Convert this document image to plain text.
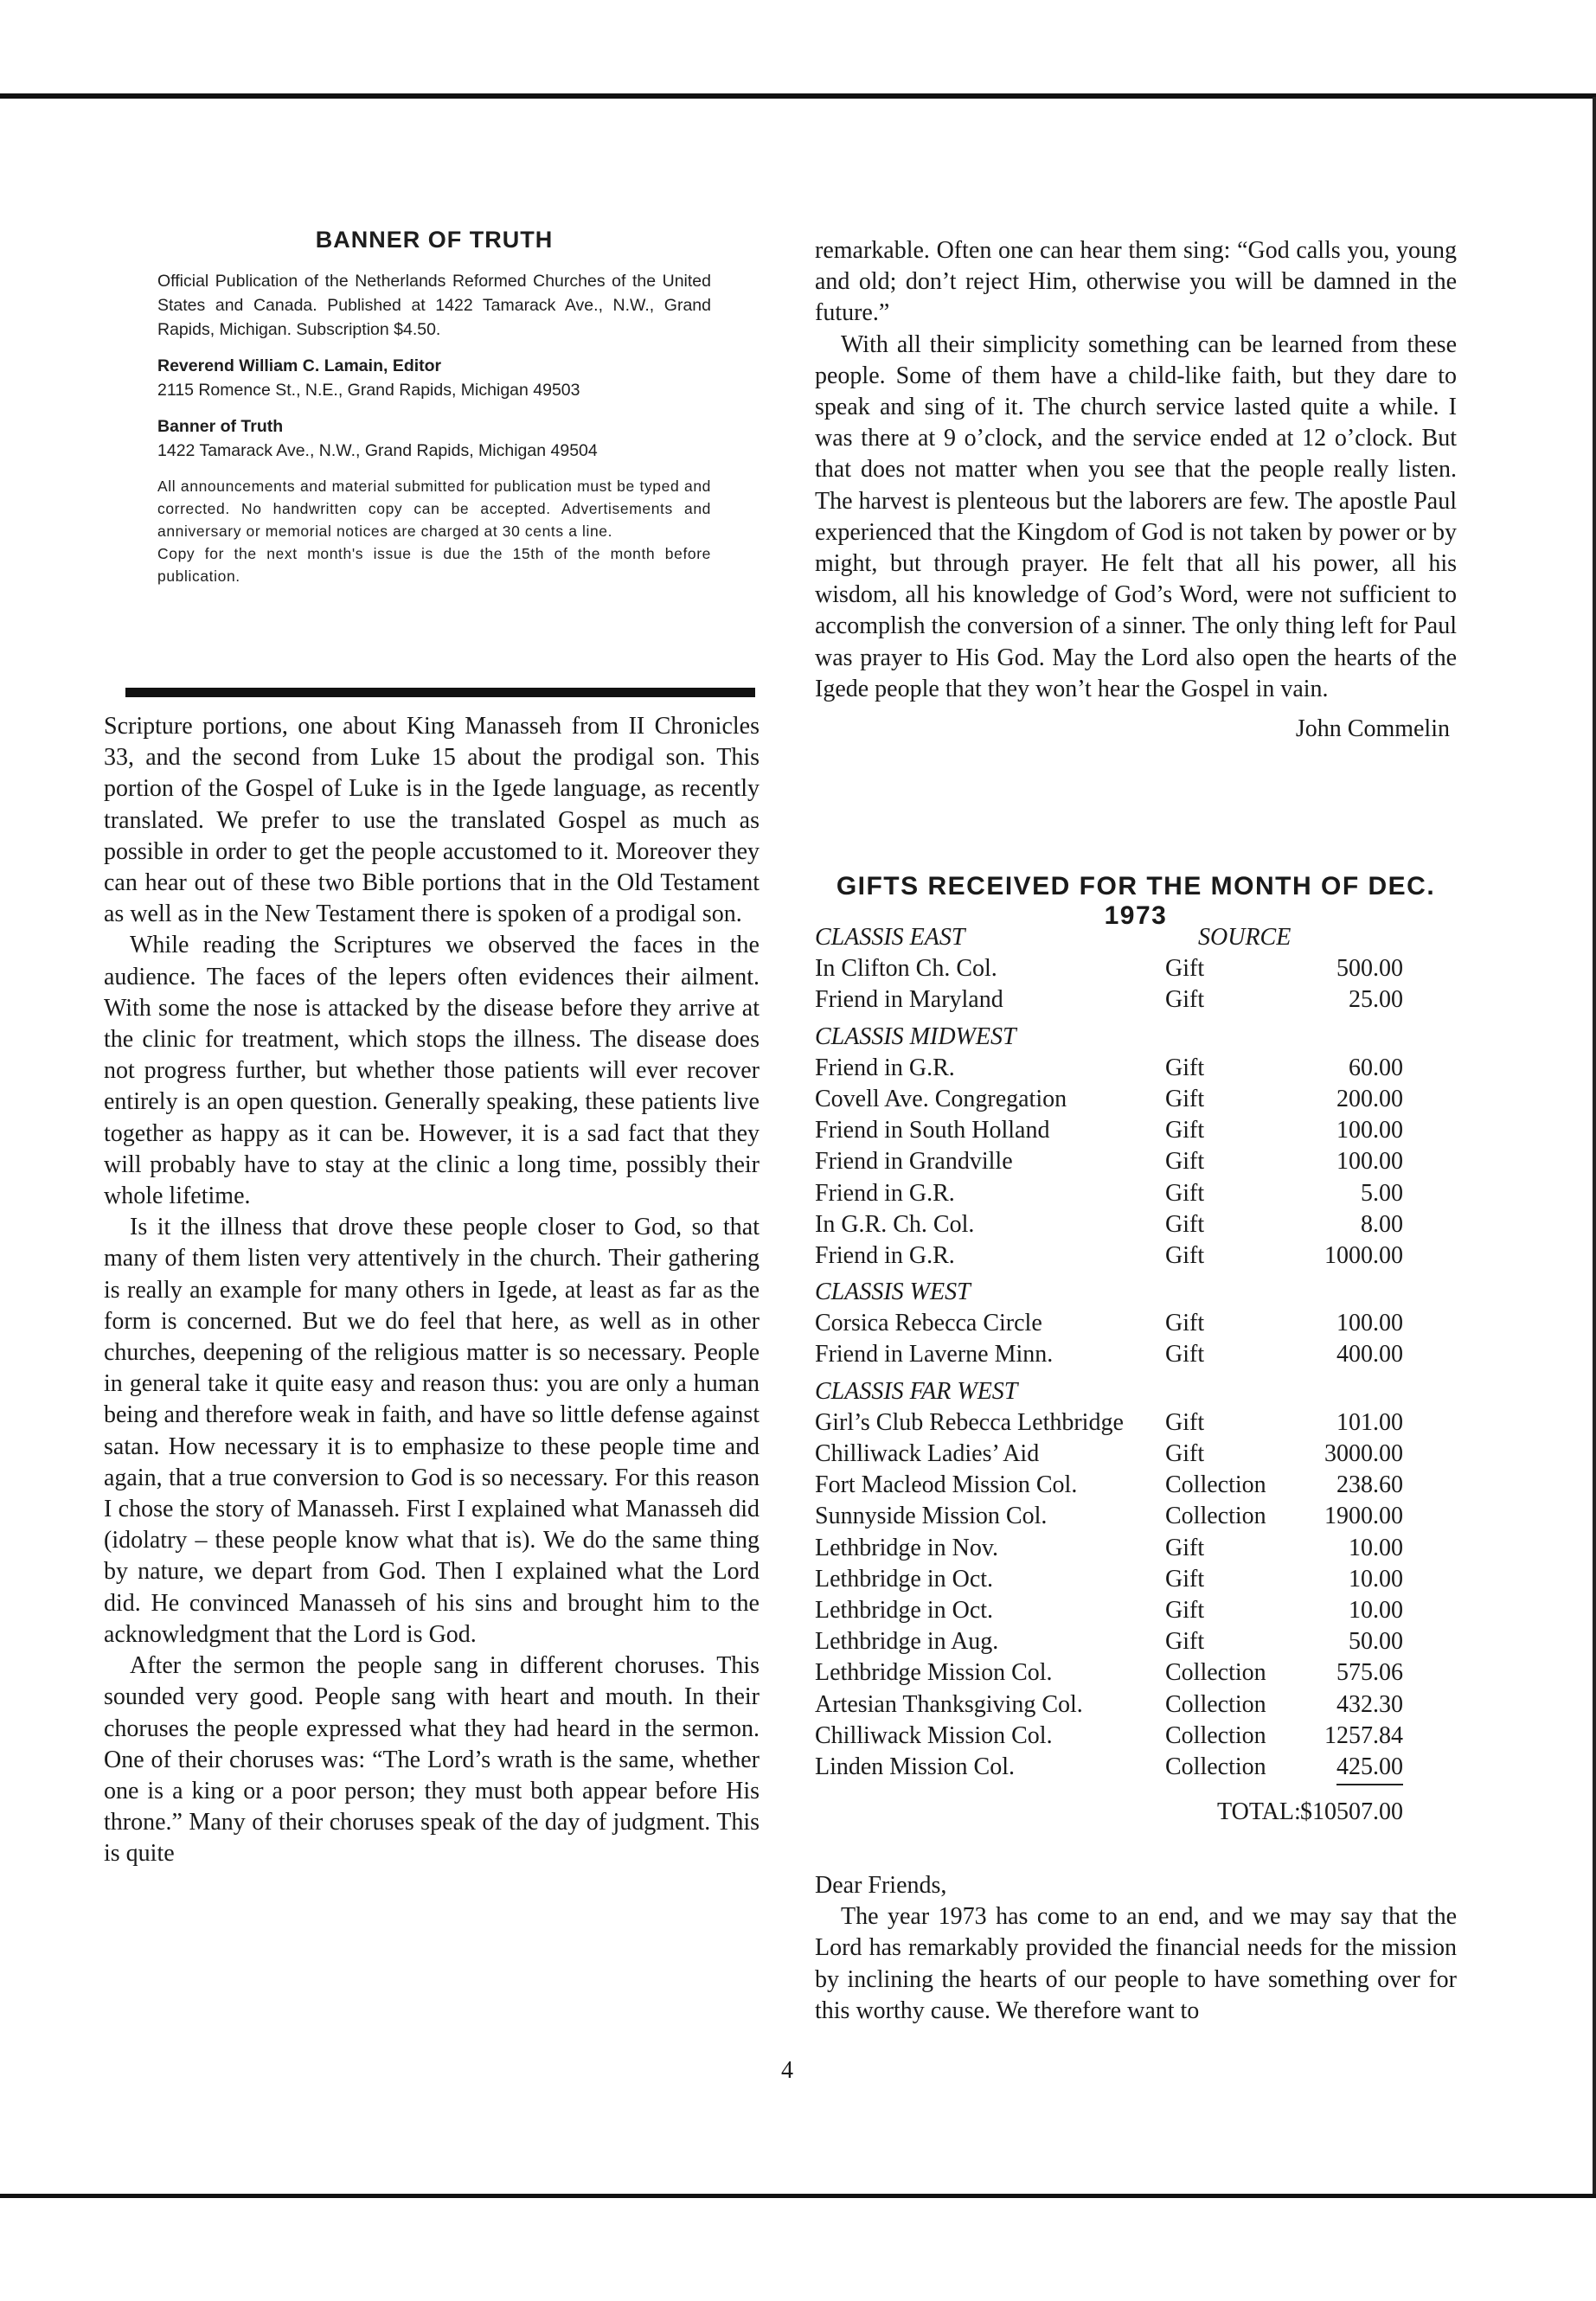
BANNER OF TRUTH

Official Publication of the Netherlands Reformed Churches of the United States and Canada. Published at 1422 Tamarack Ave., N.W., Grand Rapids, Michigan. Subscription $4.50.

Reverend William C. Lamain, Editor
2115 Romence St., N.E., Grand Rapids, Michigan 49503

Banner of Truth
1422 Tamarack Ave., N.W., Grand Rapids, Michigan 49504

All announcements and material submitted for publication must be typed and corrected. No handwritten copy can be accepted. Advertisements and anniversary or memorial notices are charged at 30 cents a line.

Copy for the next month's issue is due the 15th of the month before publication.

Scripture portions, one about King Manasseh from II Chronicles 33, and the second from Luke 15 about the prodigal son. This portion of the Gospel of Luke is in the Igede language, as recently translated. We prefer to use the translated Gospel as much as possible in order to get the people accustomed to it. Moreover they can hear out of these two Bible portions that in the Old Testament as well as in the New Testament there is spoken of a prodigal son.

While reading the Scriptures we observed the faces in the audience. The faces of the lepers often evidences their ailment. With some the nose is attacked by the disease before they arrive at the clinic for treatment, which stops the illness. The disease does not progress further, but whether those patients will ever recover entirely is an open question. Generally speaking, these patients live together as happy as it can be. However, it is a sad fact that they will probably have to stay at the clinic a long time, possibly their whole lifetime.

Is it the illness that drove these people closer to God, so that many of them listen very attentively in the church. Their gathering is really an example for many others in Igede, at least as far as the form is concerned. But we do feel that here, as well as in other churches, deepening of the religious matter is so necessary. People in general take it quite easy and reason thus: you are only a human being and therefore weak in faith, and have so little defense against satan. How necessary it is to emphasize to these people time and again, that a true conversion to God is so necessary. For this reason I chose the story of Manasseh. First I explained what Manasseh did (idolatry – these people know what that is). We do the same thing by nature, we depart from God. Then I explained what the Lord did. He convinced Manasseh of his sins and brought him to the acknowledgment that the Lord is God.

After the sermon the people sang in different choruses. This sounded very good. People sang with heart and mouth. In their choruses the people expressed what they had heard in the sermon. One of their choruses was: “The Lord’s wrath is the same, whether one is a king or a poor person; they must both appear before His throne.” Many of their choruses speak of the day of judgment. This is quite

remarkable. Often one can hear them sing: “God calls you, young and old; don’t reject Him, otherwise you will be damned in the future.”

With all their simplicity something can be learned from these people. Some of them have a child-like faith, but they dare to speak and sing of it. The church service lasted quite a while. I was there at 9 o’clock, and the service ended at 12 o’clock. But that does not matter when you see that the people really listen. The harvest is plenteous but the laborers are few. The apostle Paul experienced that the Kingdom of God is not taken by power or by might, but through prayer. He felt that all his power, all his wisdom, all his knowledge of God’s Word, were not sufficient to accomplish the conversion of a sinner. The only thing left for Paul was prayer to His God. May the Lord also open the hearts of the Igede people that they won’t hear the Gospel in vain.

John Commelin
GIFTS RECEIVED FOR THE MONTH OF DEC. 1973
CLASSIS EAST	SOURCE
In Clifton Ch. Col.	Gift	500.00
Friend in Maryland	Gift	25.00
CLASSIS MIDWEST
Friend in G.R.	Gift	60.00
Covell Ave. Congregation	Gift	200.00
Friend in South Holland	Gift	100.00
Friend in Grandville	Gift	100.00
Friend in G.R.	Gift	5.00
In G.R. Ch. Col.	Gift	8.00
Friend in G.R.	Gift	1000.00
CLASSIS WEST
Corsica Rebecca Circle	Gift	100.00
Friend in Laverne Minn.	Gift	400.00
CLASSIS FAR WEST
Girl’s Club Rebecca Lethbridge Gift	101.00
Chilliwack Ladies’ Aid	Gift	3000.00
Fort Macleod Mission Col.	Collection	238.60
Sunnyside Mission Col.	Collection 1900.00
Lethbridge in Nov.	Gift	10.00
Lethbridge in Oct.	Gift	10.00
Lethbridge in Oct.	Gift	10.00
Lethbridge in Aug.	Gift	50.00
Lethbridge Mission Col.	Collection	575.06
Artesian Thanksgiving Col.	Collection	432.30
Chilliwack Mission Col.	Collection 1257.84
Linden Mission Col.	Collection	425.00
TOTAL: $10507.00

Dear Friends,

The year 1973 has come to an end, and we may say that the Lord has remarkably provided the financial needs for the mission by inclining the hearts of our people to have something over for this worthy cause. We therefore want to

4
